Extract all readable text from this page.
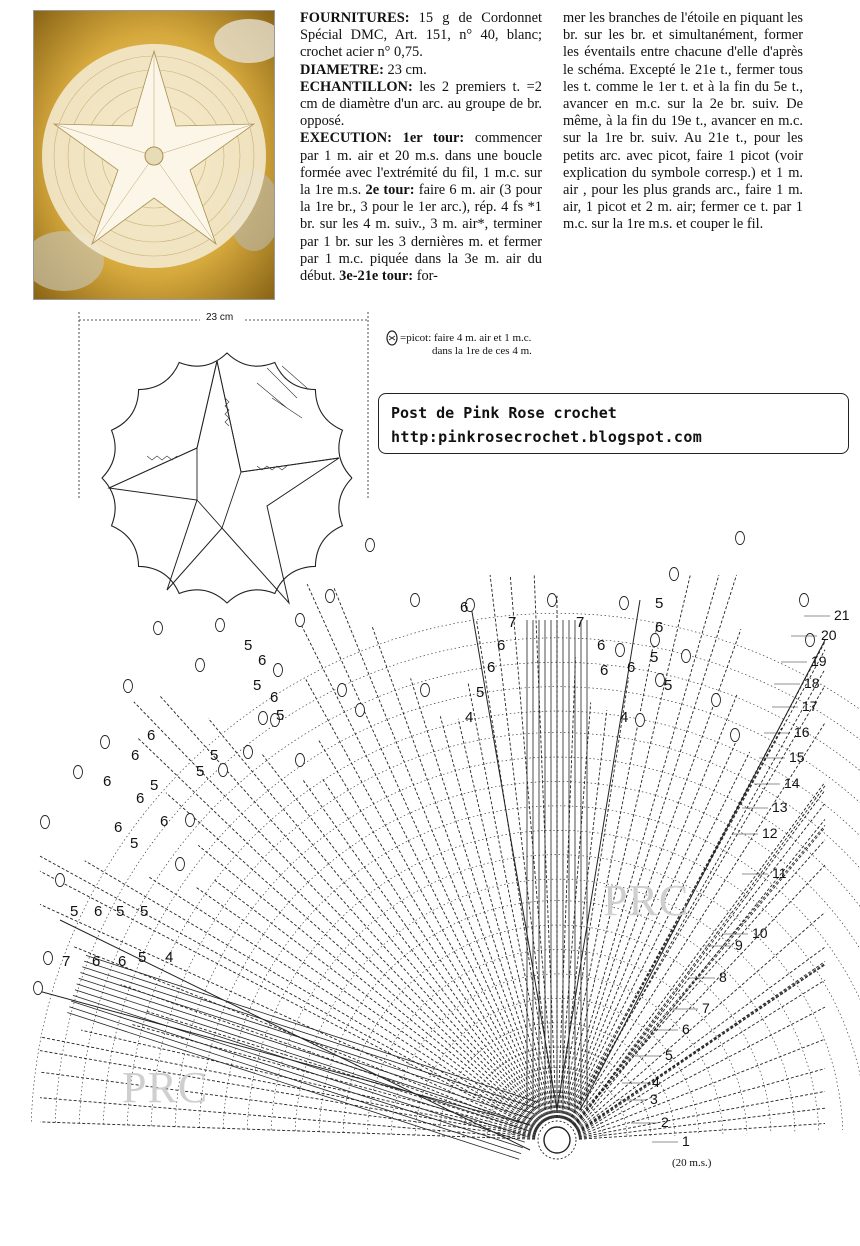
FOURNITURES: 15 g de Cordonnet Spécial DMC, Art. 151, n° 40, blanc; crochet acier n° 0,75.
DIAMETRE: 23 cm.
ECHANTILLON: les 2 premiers t. =2 cm de diamètre d'un arc. au groupe de br. opposé.
EXECUTION: 1er tour: commencer par 1 m. air et 20 m.s. dans une boucle formée avec l'extrémité du fil, 1 m.c. sur la 1re m.s. 2e tour: faire 6 m. air (3 pour la 1re br., 3 pour le 1er arc.), rép. 4 fs *1 br. sur les 4 m. suiv., 3 m. air*, terminer par 1 br. sur les 3 dernières m. et fermer par 1 m.c. piquée dans la 3e m. air du début. 3e-21e tour: for-
mer les branches de l'étoile en piquant les br. sur les br. et simultanément, former les éventails entre chacune d'elle d'après le schéma. Excepté le 21e t., fermer tous les t. comme le 1er t. et à la fin du 5e t., avancer en m.c. sur la 2e br. suiv. De même, à la fin du 19e t., avancer en m.c. sur la 1re br. suiv. Au 21e t., pour les petits arc. avec picot, faire 1 picot (voir explication du symbole corresp.) et 1 m. air , pour les plus grands arc., faire 1 m. air, 1 picot et 2 m. air; fermer ce t. par 1 m.c. sur la 1re m.s. et couper le fil.
23 cm
1
2
3
4
5
6
7
8
9
10
11
12
13
14
15
16
17
18
19
20
21
4
5
6
6
7	7
6
6 6
4
5
6
5
6
5
5
5
6
6
6
6
5
6
6
5
5 6 5 5
7 6 6 5 4
5
6
5
5
6
(20 m.s.)
=picot: faire 4 m. air et 1 m.c.
dans la 1re de ces 4 m.
Post de Pink Rose crochet
http:pinkrosecrochet.blogspot.com
PRC
PRC
